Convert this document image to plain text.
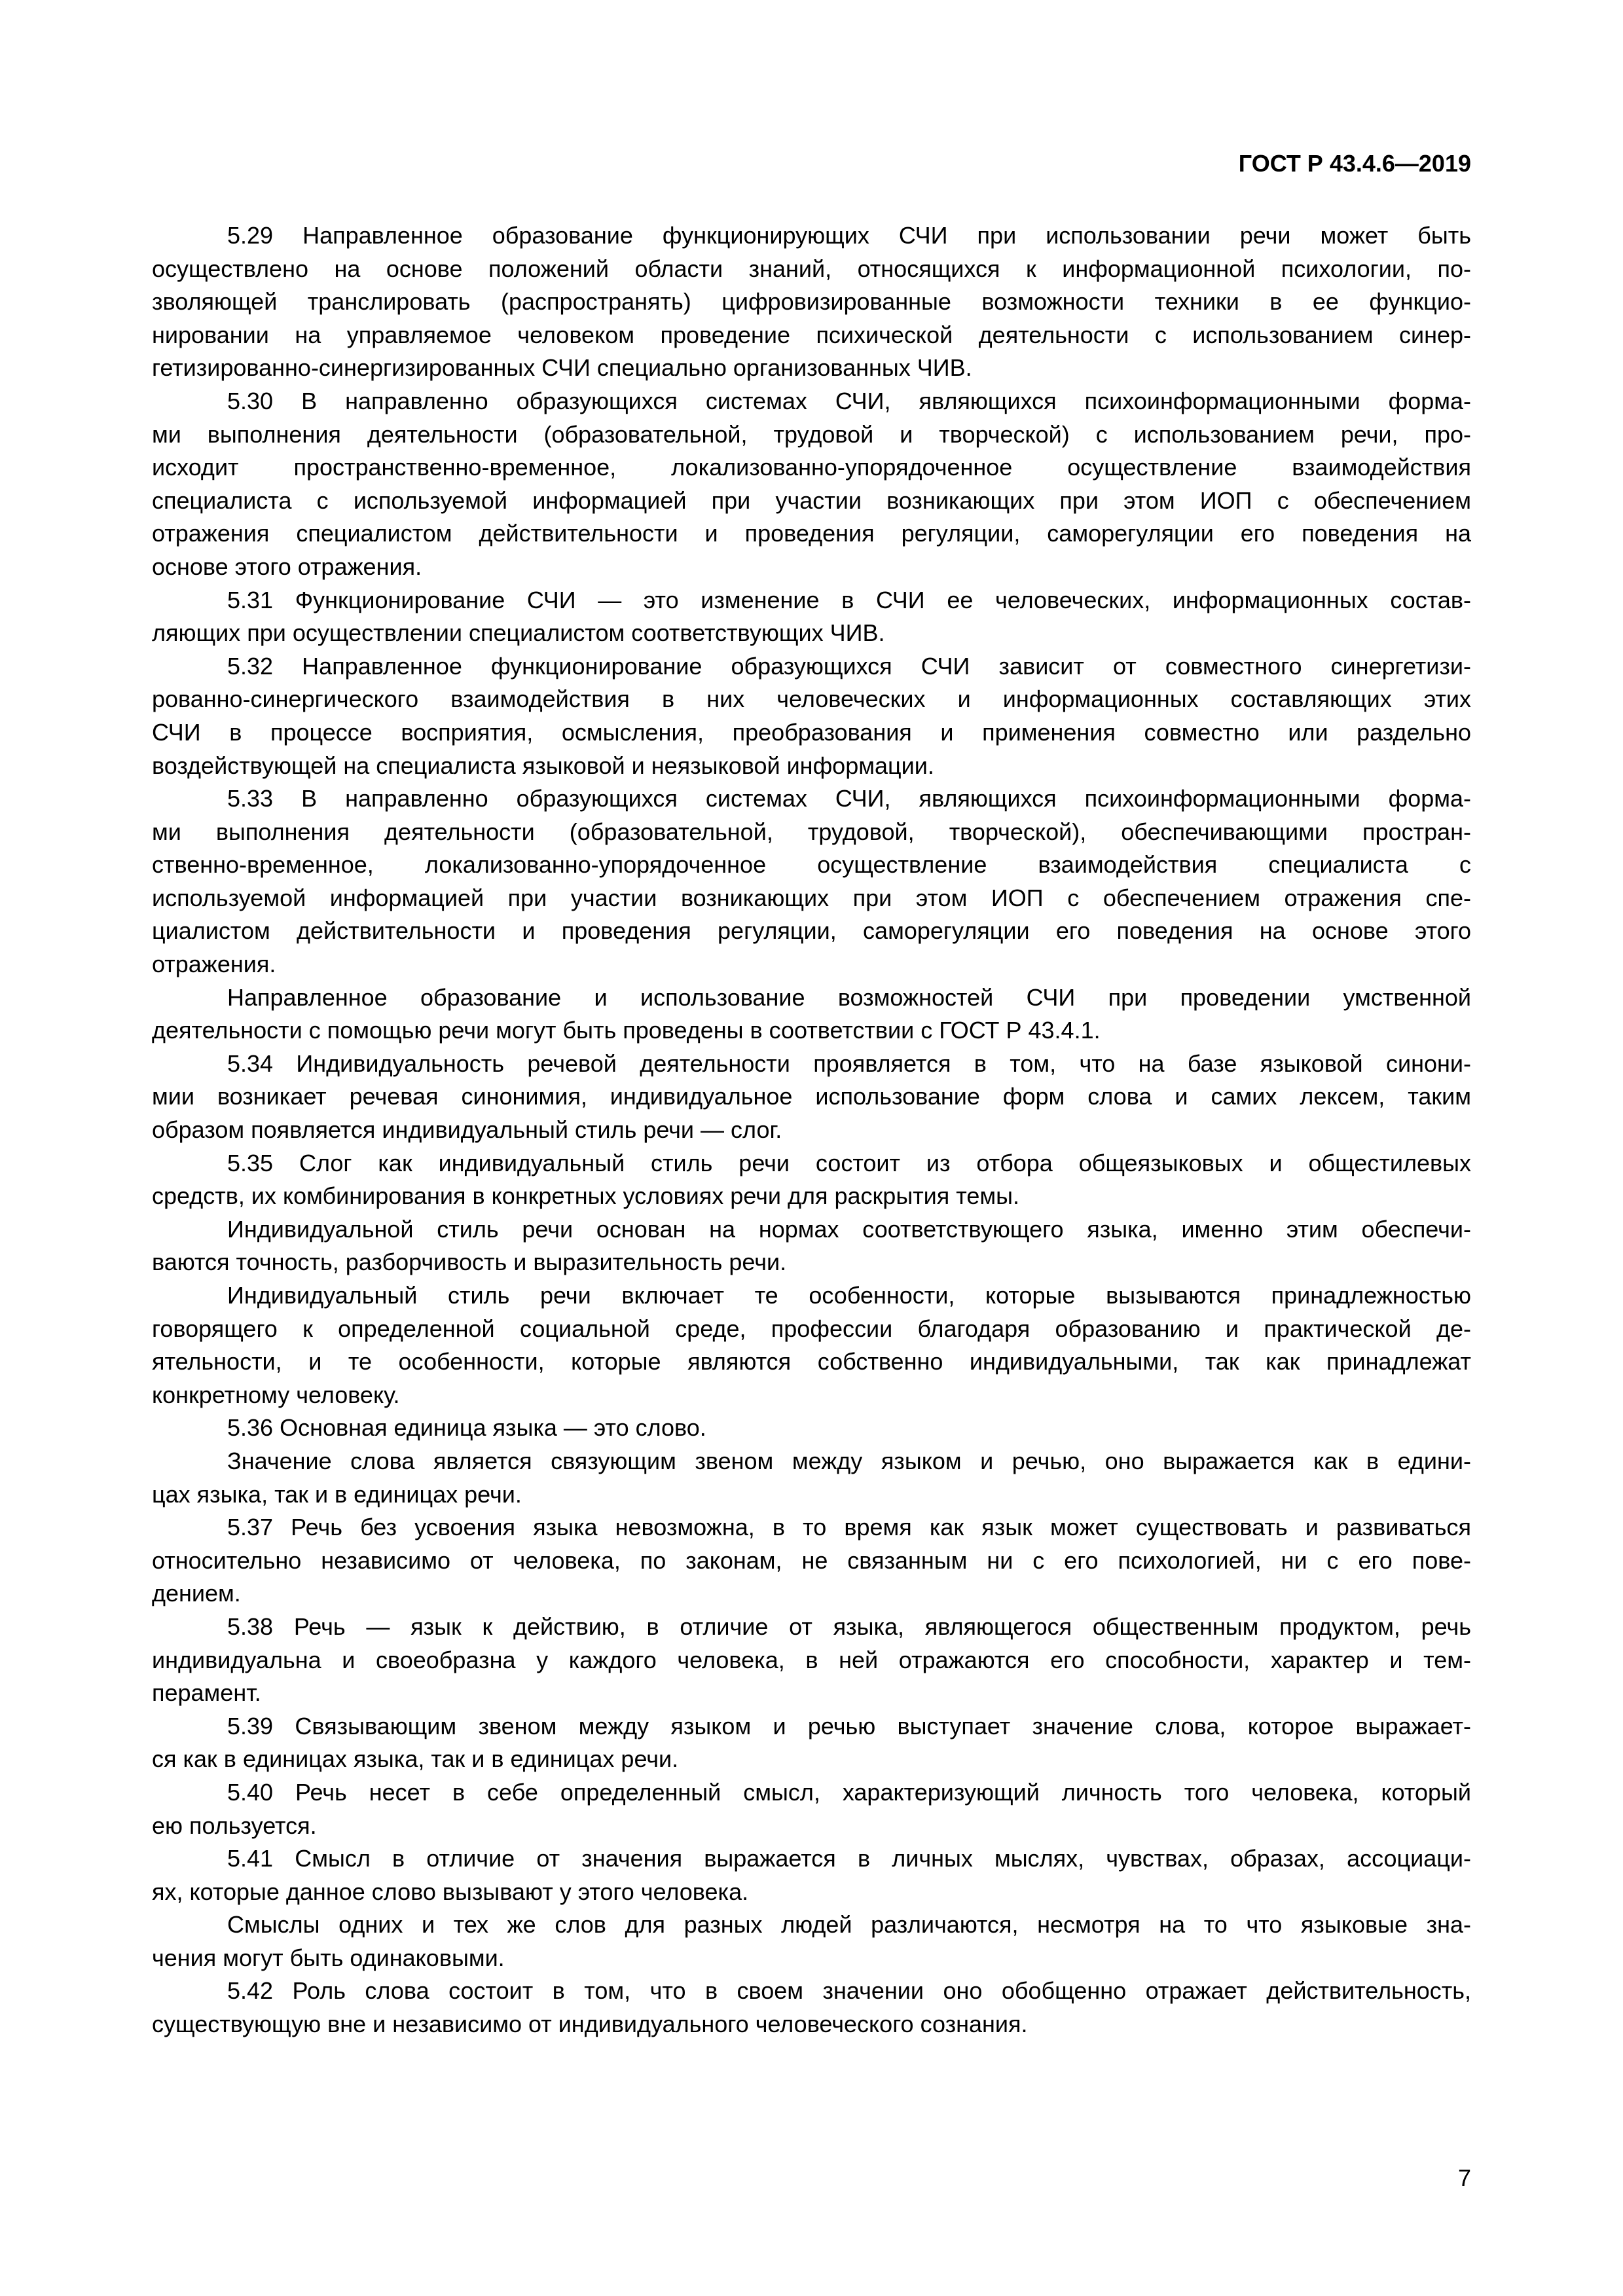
ГОСТ Р 43.4.6—2019
5.29 Направленное образование функционирующих СЧИ при использовании речи может быть
осуществлено на основе положений области знаний, относящихся к информационной психологии, по-
зволяющей транслировать (распространять) цифровизированные возможности техники в ее функцио-
нировании на управляемое человеком проведение психической деятельности с использованием синер-
гетизированно-синергизированных СЧИ специально организованных ЧИВ.
5.30 В направленно образующихся системах СЧИ, являющихся психоинформационными форма-
ми выполнения деятельности (образовательной, трудовой и творческой) с использованием речи, про-
исходит пространственно-временное, локализованно-упорядоченное осуществление взаимодействия
специалиста с используемой информацией при участии возникающих при этом ИОП с обеспечением
отражения специалистом действительности и проведения регуляции, саморегуляции его поведения на
основе этого отражения.
5.31 Функционирование СЧИ — это изменение в СЧИ ее человеческих, информационных состав-
ляющих при осуществлении специалистом соответствующих ЧИВ.
5.32 Направленное функционирование образующихся СЧИ зависит от совместного синергетизи-
рованно-синергического взаимодействия в них человеческих и информационных составляющих этих
СЧИ в процессе восприятия, осмысления, преобразования и применения совместно или раздельно
воздействующей на специалиста языковой и неязыковой информации.
5.33 В направленно образующихся системах СЧИ, являющихся психоинформационными форма-
ми выполнения деятельности (образовательной, трудовой, творческой), обеспечивающими простран-
ственно-временное, локализованно-упорядоченное осуществление взаимодействия специалиста с
используемой информацией при участии возникающих при этом ИОП с обеспечением отражения спе-
циалистом действительности и проведения регуляции, саморегуляции его поведения на основе этого
отражения.
Направленное образование и использование возможностей СЧИ при проведении умственной
деятельности с помощью речи могут быть проведены в соответствии с ГОСТ Р 43.4.1.
5.34 Индивидуальность речевой деятельности проявляется в том, что на базе языковой синони-
мии возникает речевая синонимия, индивидуальное использование форм слова и самих лексем, таким
образом появляется индивидуальный стиль речи — слог.
5.35 Слог как индивидуальный стиль речи состоит из отбора общеязыковых и общестилевых
средств, их комбинирования в конкретных условиях речи для раскрытия темы.
Индивидуальной стиль речи основан на нормах соответствующего языка, именно этим обеспечи-
ваются точность, разборчивость и выразительность речи.
Индивидуальный стиль речи включает те особенности, которые вызываются принадлежностью
говорящего к определенной социальной среде, профессии благодаря образованию и практической де-
ятельности, и те особенности, которые являются собственно индивидуальными, так как принадлежат
конкретному человеку.
5.36 Основная единица языка — это слово.
Значение слова является связующим звеном между языком и речью, оно выражается как в едини-
цах языка, так и в единицах речи.
5.37 Речь без усвоения языка невозможна, в то время как язык может существовать и развиваться
относительно независимо от человека, по законам, не связанным ни с его психологией, ни с его пове-
дением.
5.38 Речь — язык к действию, в отличие от языка, являющегося общественным продуктом, речь
индивидуальна и своеобразна у каждого человека, в ней отражаются его способности, характер и тем-
перамент.
5.39 Связывающим звеном между языком и речью выступает значение слова, которое выражает-
ся как в единицах языка, так и в единицах речи.
5.40 Речь несет в себе определенный смысл, характеризующий личность того человека, который
ею пользуется.
5.41 Смысл в отличие от значения выражается в личных мыслях, чувствах, образах, ассоциаци-
ях, которые данное слово вызывают у этого человека.
Смыслы одних и тех же слов для разных людей различаются, несмотря на то что языковые зна-
чения могут быть одинаковыми.
5.42 Роль слова состоит в том, что в своем значении оно обобщенно отражает действительность,
существующую вне и независимо от индивидуального человеческого сознания.
7
